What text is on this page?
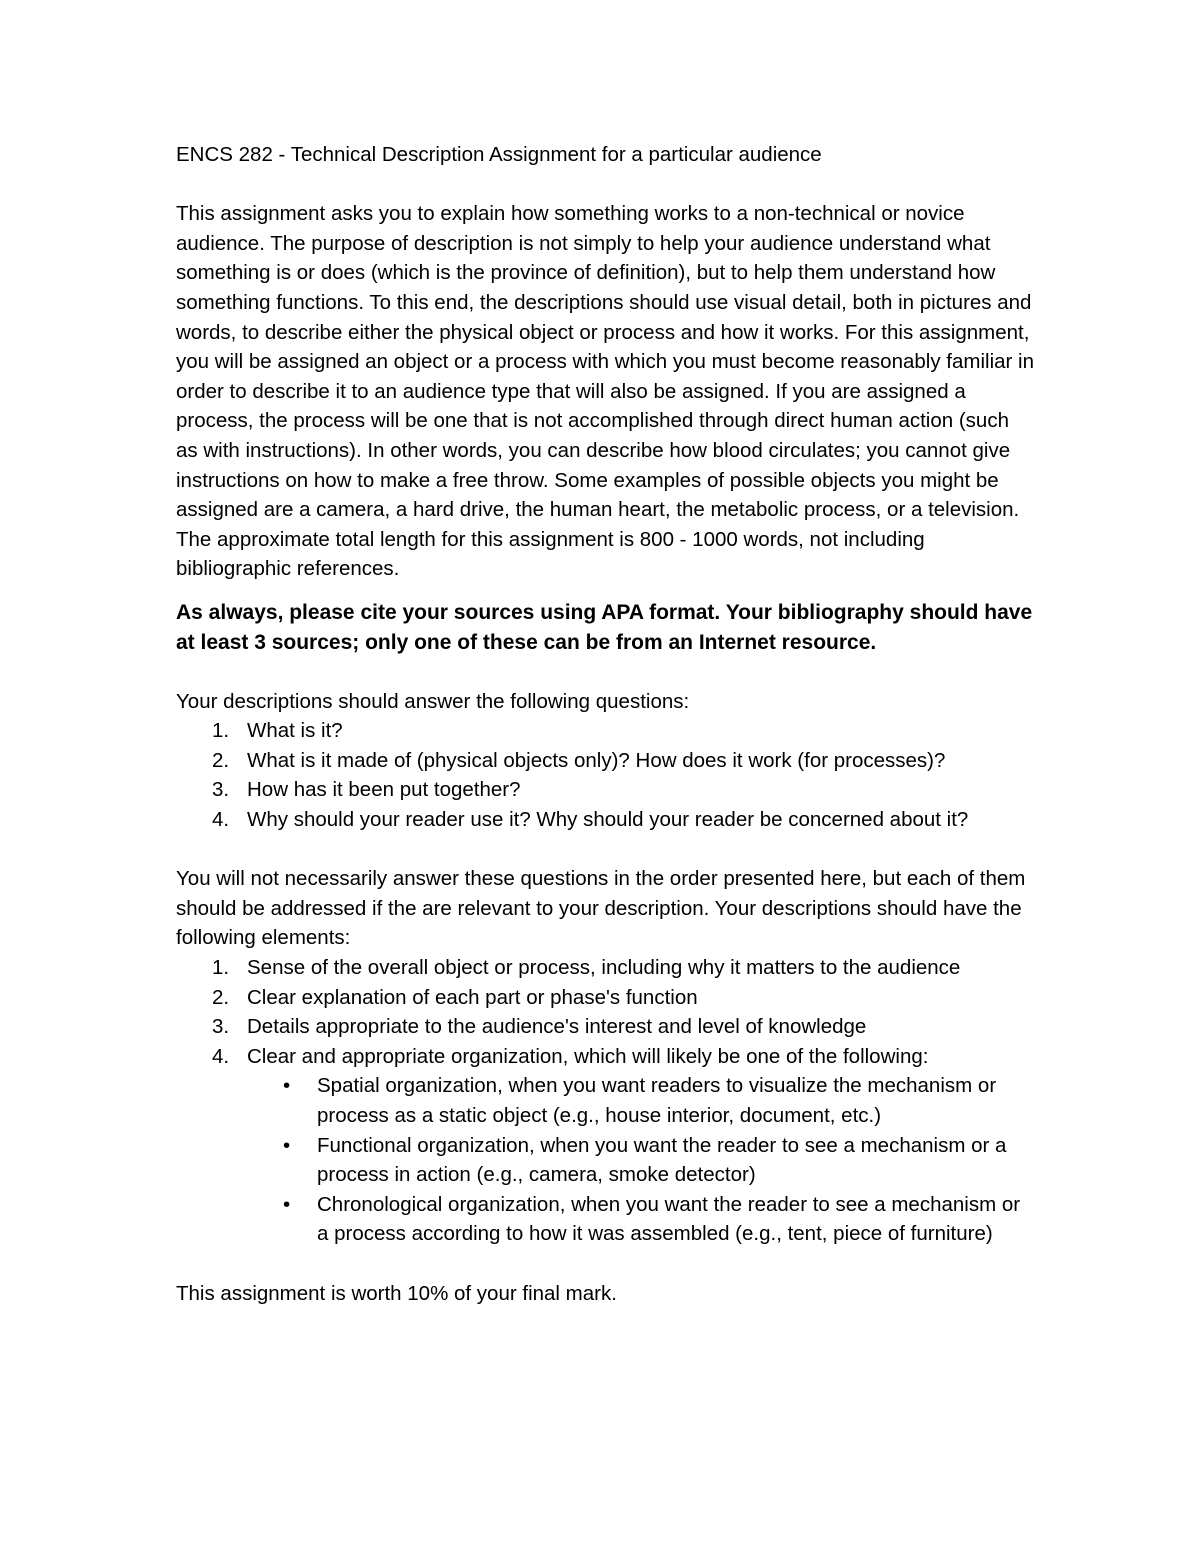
ENCS 282 - Technical Description Assignment for a particular audience

This assignment asks you to explain how something works to a non-technical or novice audience. The purpose of description is not simply to help your audience understand what something is or does (which is the province of definition), but to help them understand how something functions. To this end, the descriptions should use visual detail, both in pictures and words, to describe either the physical object or process and how it works. For this assignment, you will be assigned an object or a process with which you must become reasonably familiar in order to describe it to an audience type that will also be assigned. If you are assigned a process, the process will be one that is not accomplished through direct human action (such as with instructions). In other words, you can describe how blood circulates; you cannot give instructions on how to make a free throw. Some examples of possible objects you might be assigned are a camera, a hard drive, the human heart, the metabolic process, or a television. The approximate total length for this assignment is 800 - 1000 words, not including bibliographic references.

As always, please cite your sources using APA format. Your bibliography should have at least 3 sources; only one of these can be from an Internet resource.

Your descriptions should answer the following questions:

1. What is it?
2. What is it made of (physical objects only)? How does it work (for processes)?
3. How has it been put together?
4. Why should your reader use it? Why should your reader be concerned about it?

You will not necessarily answer these questions in the order presented here, but each of them should be addressed if the are relevant to your description. Your descriptions should have the following elements:

1. Sense of the overall object or process, including why it matters to the audience
2. Clear explanation of each part or phase's function
3. Details appropriate to the audience's interest and level of knowledge
4. Clear and appropriate organization, which will likely be one of the following:
• Spatial organization, when you want readers to visualize the mechanism or process as a static object (e.g., house interior, document, etc.)
• Functional organization, when you want the reader to see a mechanism or a process in action (e.g., camera, smoke detector)
• Chronological organization, when you want the reader to see a mechanism or a process according to how it was assembled (e.g., tent, piece of furniture)

This assignment is worth 10% of your final mark.
